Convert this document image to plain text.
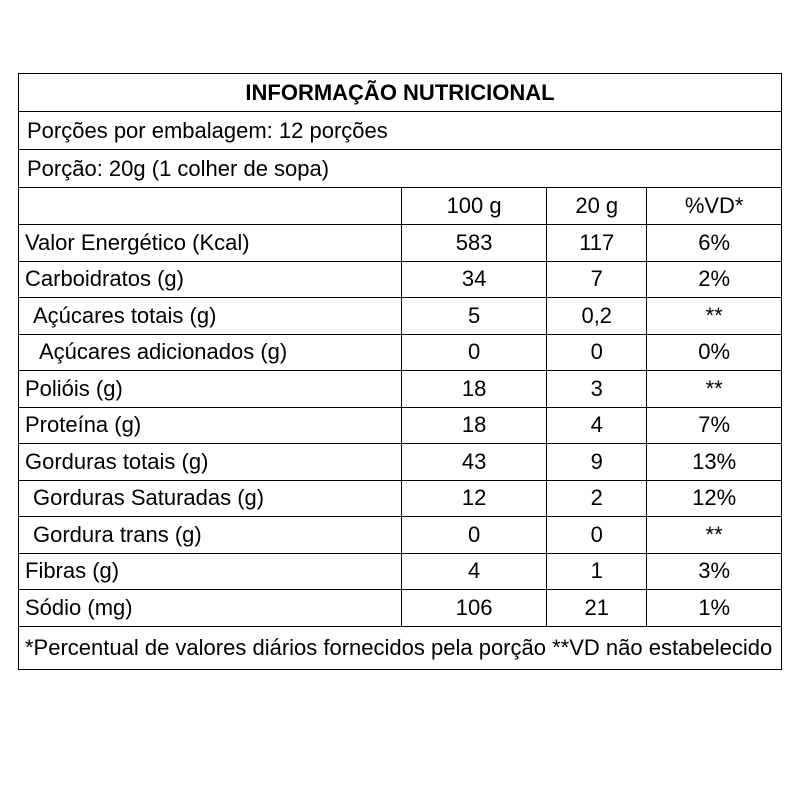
INFORMAÇÃO NUTRICIONAL
Porções por embalagem: 12 porções
Porção: 20g (1 colher de sopa)
	100 g	20 g	%VD*
Valor Energético (Kcal)	583	117	6%
Carboidratos (g)	34	7	2%
Açúcares totais (g)	5	0,2	**
Açúcares adicionados (g)	0	0	0%
Polióis (g)	18	3	**
Proteína (g)	18	4	7%
Gorduras totais (g)	43	9	13%
Gorduras Saturadas (g)	12	2	12%
Gordura trans (g)	0	0	**
Fibras (g)	4	1	3%
Sódio (mg)	106	21	1%
*Percentual de valores diários fornecidos pela porção **VD não estabelecido
